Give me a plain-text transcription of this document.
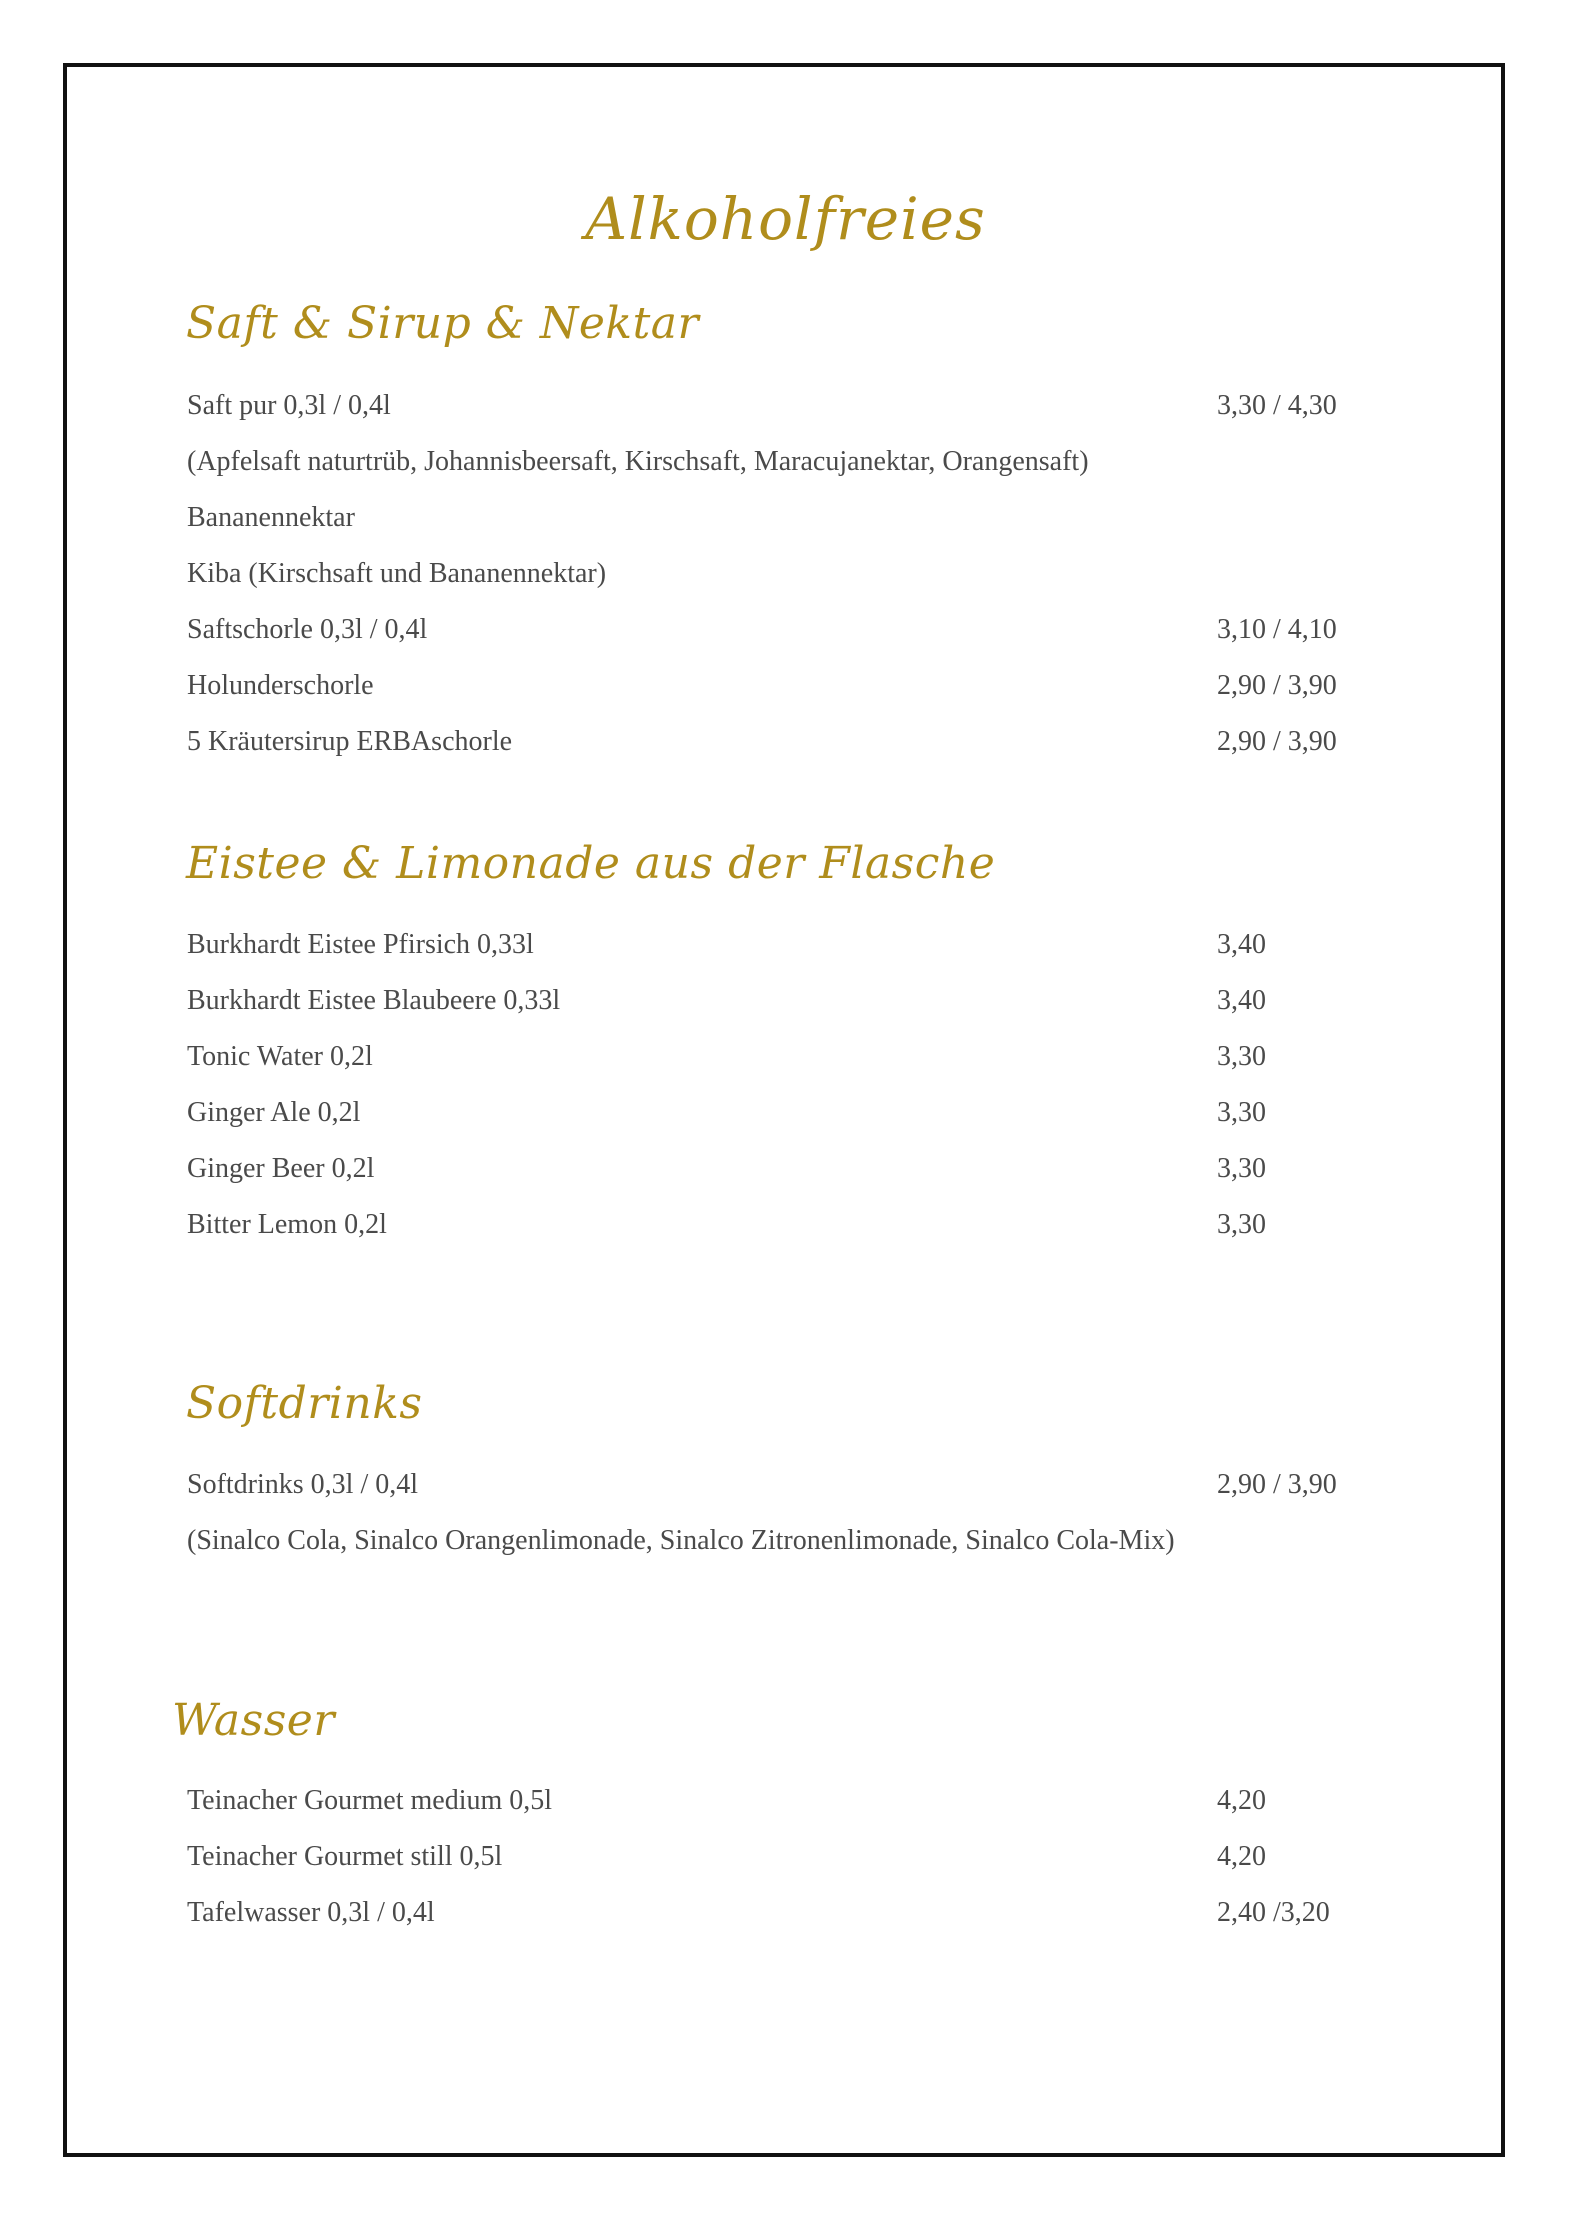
Alkoholfreies
Saft & Sirup & Nektar
Saft pur 0,3l / 0,4l	3,30 / 4,30
(Apfelsaft naturtrüb, Johannisbeersaft, Kirschsaft, Maracujanektar, Orangensaft)
Bananennektar
Kiba (Kirschsaft und Bananennektar)
Saftschorle 0,3l / 0,4l	3,10 / 4,10
Holunderschorle	2,90 / 3,90
5 Kräutersirup ERBAschorle	2,90 / 3,90
Eistee & Limonade aus der Flasche
Burkhardt Eistee Pfirsich 0,33l	3,40
Burkhardt Eistee Blaubeere 0,33l	3,40
Tonic Water 0,2l	3,30
Ginger Ale 0,2l	3,30
Ginger Beer 0,2l	3,30
Bitter Lemon 0,2l	3,30
Softdrinks
Softdrinks 0,3l / 0,4l	2,90 / 3,90
(Sinalco Cola, Sinalco Orangenlimonade, Sinalco Zitronenlimonade, Sinalco Cola-Mix)
Wasser
Teinacher Gourmet medium 0,5l	4,20
Teinacher Gourmet still 0,5l	4,20
Tafelwasser 0,3l / 0,4l	2,40 /3,20
